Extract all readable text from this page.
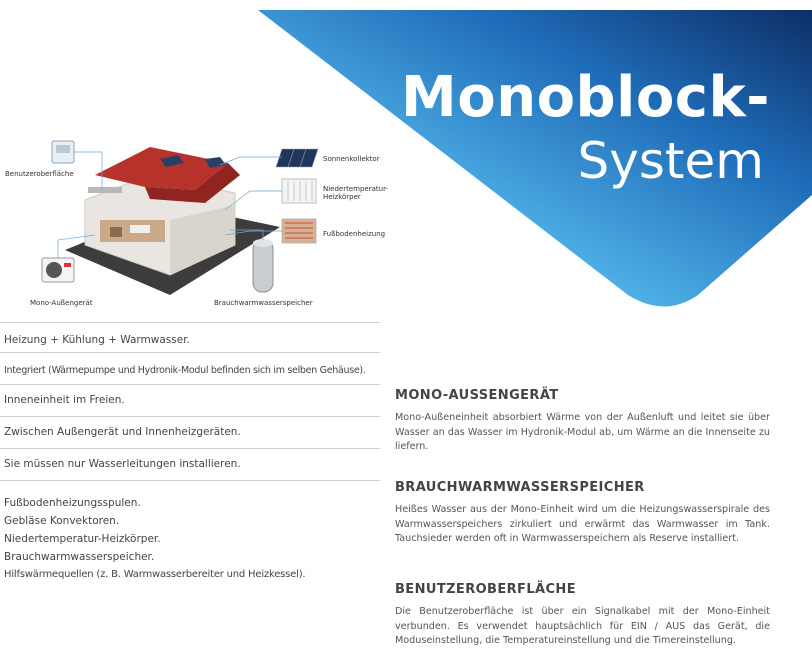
Monoblock-
System
Benutzeroberfläche
Sonnenkollektor
Niedertemperatur-
Heizkörper
Fußbodenheizung
Mono-Außengerät	Brauchwarmwasserspeicher
Heizung + Kühlung + Warmwasser.
Integriert (Wärmepumpe und Hydronik-Modul befinden sich im selben Gehäuse).
Inneneinheit im Freien.
Zwischen Außengerät und Innenheizgeräten.
Sie müssen nur Wasserleitungen installieren.
Fußbodenheizungsspulen.
Gebläse Konvektoren.
Niedertemperatur-Heizkörper.
Brauchwarmwasserspeicher.
Hilfswärmequellen (z. B. Warmwasserbereiter und Heizkessel).
MONO-AUSSENGERÄT

Mono-Außeneinheit absorbiert Wärme von der Außenluft und leitet sie über Wasser an das Wasser im Hydronik-Modul ab, um Wärme an die Innenseite zu liefern.

BRAUCHWARMWASSERSPEICHER

Heißes Wasser aus der Mono-Einheit wird um die Heizungswasserspirale des Warmwasserspeichers zirkuliert und erwärmt das Warmwasser im Tank. Tauchsieder werden oft in Warmwasserspeichern als Reserve installiert.

BENUTZEROBERFLÄCHE

Die Benutzeroberfläche ist über ein Signalkabel mit der Mono-Einheit verbunden. Es verwendet hauptsächlich für EIN / AUS das Gerät, die Moduseinstellung, die Temperatureinstellung und die Timereinstellung.
